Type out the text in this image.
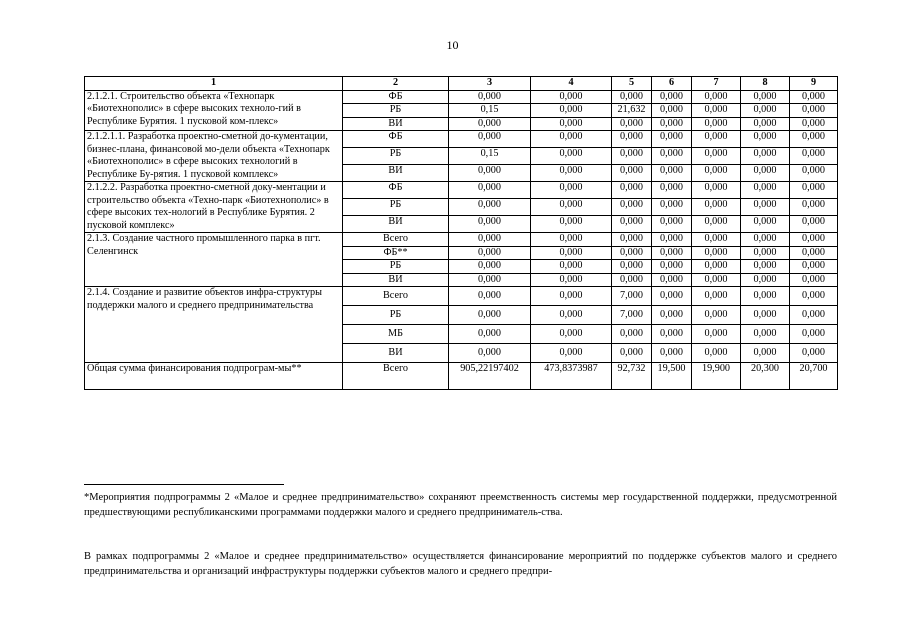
10
1	2	3	4	5	6	7	8	9
2.1.2.1. Строительство объекта «Технопарк «Биотехнополис» в сфере высоких техноло-гий в Республике Бурятия. 1 пусковой ком-плекс»	ФБ	0,000	0,000	0,000	0,000	0,000	0,000	0,000
	РБ	0,15	0,000	21,632	0,000	0,000	0,000	0,000
	ВИ	0,000	0,000	0,000	0,000	0,000	0,000	0,000
2.1.2.1.1. Разработка проектно-сметной до-кументации, бизнес-плана, финансовой мо-дели объекта «Технопарк «Биотехнополис» в сфере высоких технологий в Республике Бу-рятия. 1 пусковой комплекс»	ФБ	0,000	0,000	0,000	0,000	0,000	0,000	0,000
	РБ	0,15	0,000	0,000	0,000	0,000	0,000	0,000
	ВИ	0,000	0,000	0,000	0,000	0,000	0,000	0,000
2.1.2.2. Разработка проектно-сметной доку-ментации и строительство объекта «Техно-парк «Биотехнополис» в сфере высоких тех-нологий в Республике Бурятия. 2 пусковой комплекс»	ФБ	0,000	0,000	0,000	0,000	0,000	0,000	0,000
	РБ	0,000	0,000	0,000	0,000	0,000	0,000	0,000
	ВИ	0,000	0,000	0,000	0,000	0,000	0,000	0,000
2.1.3. Создание частного промышленного парка в пгт. Селенгинск	Всего	0,000	0,000	0,000	0,000	0,000	0,000	0,000
	ФБ**	0,000	0,000	0,000	0,000	0,000	0,000	0,000
	РБ	0,000	0,000	0,000	0,000	0,000	0,000	0,000
	ВИ	0,000	0,000	0,000	0,000	0,000	0,000	0,000
2.1.4. Создание и развитие объектов инфра-структуры поддержки малого и среднего предпринимательства	Всего	0,000	0,000	7,000	0,000	0,000	0,000	0,000
	РБ	0,000	0,000	7,000	0,000	0,000	0,000	0,000
	МБ	0,000	0,000	0,000	0,000	0,000	0,000	0,000
	ВИ	0,000	0,000	0,000	0,000	0,000	0,000	0,000
Общая сумма финансирования подпрограм-мы**	Всего	905,22197402	473,8373987	92,732	19,500	19,900	20,300	20,700

*Мероприятия подпрограммы 2 «Малое и среднее предпринимательство» сохраняют преемственность системы мер государственной поддержки, предусмотренной предшествующими республиканскими программами поддержки малого и среднего предприниматель-ства.

В рамках подпрограммы 2 «Малое и среднее предпринимательство» осуществляется финансирование мероприятий по поддержке субъектов малого и среднего предпринимательства и организаций инфраструктуры поддержки субъектов малого и среднего предпри-
